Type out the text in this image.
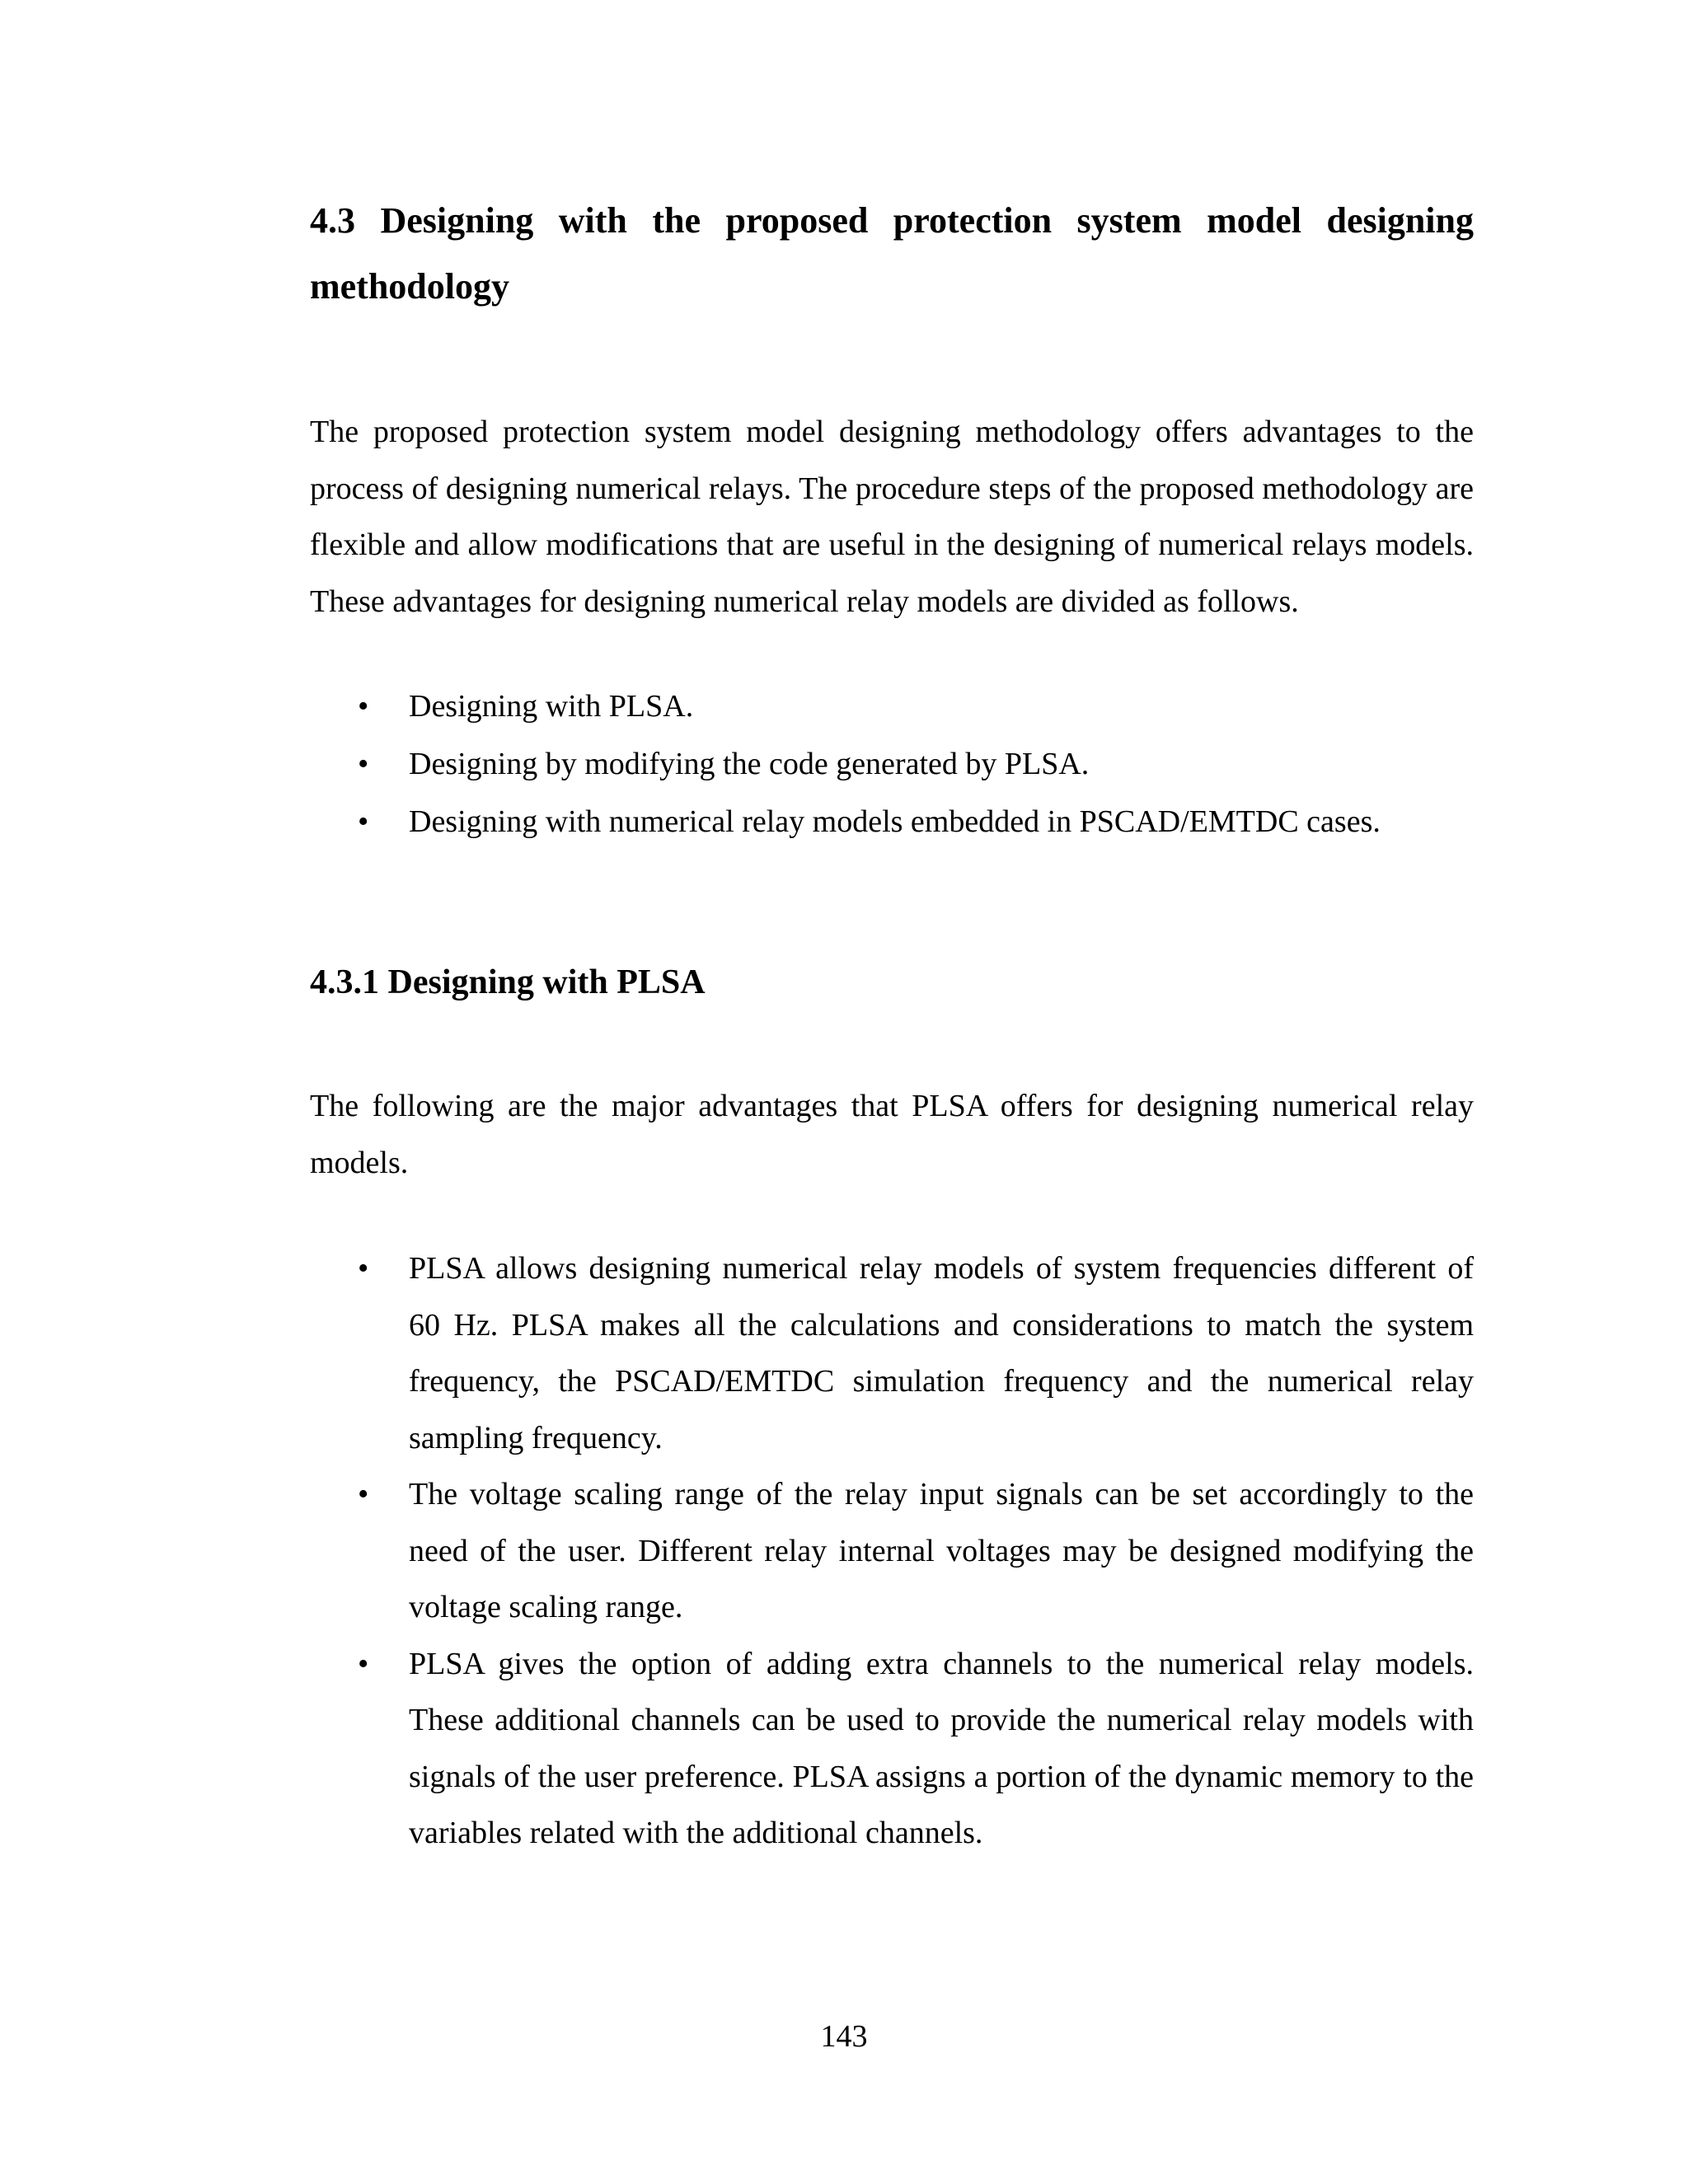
4.3 Designing with the proposed protection system model designing methodology

The proposed protection system model designing methodology offers advantages to the process of designing numerical relays. The procedure steps of the proposed methodology are flexible and allow modifications that are useful in the designing of numerical relays models. These advantages for designing numerical relay models are divided as follows.

• Designing with PLSA.
• Designing by modifying the code generated by PLSA.
• Designing with numerical relay models embedded in PSCAD/EMTDC cases.
4.3.1 Designing with PLSA

The following are the major advantages that PLSA offers for designing numerical relay models.

• PLSA allows designing numerical relay models of system frequencies different of 60 Hz. PLSA makes all the calculations and considerations to match the system frequency, the PSCAD/EMTDC simulation frequency and the numerical relay sampling frequency.
• The voltage scaling range of the relay input signals can be set accordingly to the need of the user. Different relay internal voltages may be designed modifying the voltage scaling range.
• PLSA gives the option of adding extra channels to the numerical relay models. These additional channels can be used to provide the numerical relay models with signals of the user preference. PLSA assigns a portion of the dynamic memory to the variables related with the additional channels.
143
